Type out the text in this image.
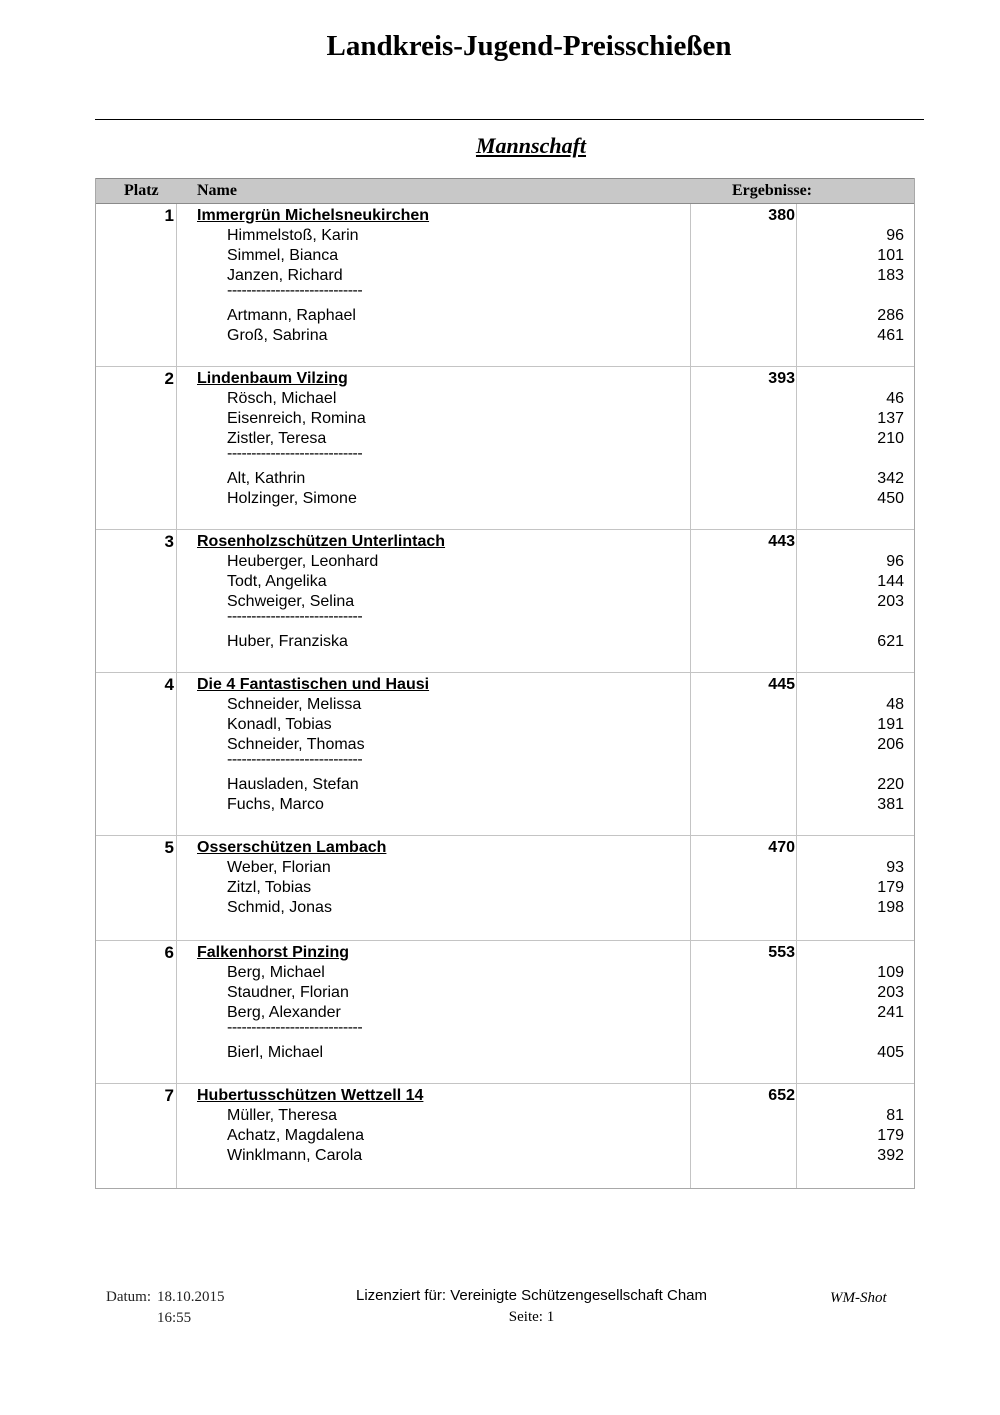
Landkreis-Jugend-Preisschießen
Mannschaft
Platz Name	Ergebnisse:
1 Immergrün Michelsneukirchen	380
Himmelstoß, Karin	96
Simmel, Bianca	101
Janzen, Richard	183
----------------------------
Artmann, Raphael	286
Groß, Sabrina	461
2 Lindenbaum Vilzing	393
Rösch, Michael	46
Eisenreich, Romina	137
Zistler, Teresa	210
----------------------------
Alt, Kathrin	342
Holzinger, Simone	450
3 Rosenholzschützen Unterlintach	443
Heuberger, Leonhard	96
Todt, Angelika	144
Schweiger, Selina	203
----------------------------
Huber, Franziska	621
4 Die 4 Fantastischen und Hausi	445
Schneider, Melissa	48
Konadl, Tobias	191
Schneider, Thomas	206
----------------------------
Hausladen, Stefan	220
Fuchs, Marco	381
5 Osserschützen Lambach	470
Weber, Florian	93
Zitzl, Tobias	179
Schmid, Jonas	198
6 Falkenhorst Pinzing	553
Berg, Michael	109
Staudner, Florian	203
Berg, Alexander	241
----------------------------
Bierl, Michael	405
7 Hubertusschützen Wettzell 14	652
Müller, Theresa	81
Achatz, Magdalena	179
Winklmann, Carola	392
Datum: 18.10.2015
16:55
Lizenziert für: Vereinigte Schützengesellschaft Cham
Seite: 1
WM-Shot
